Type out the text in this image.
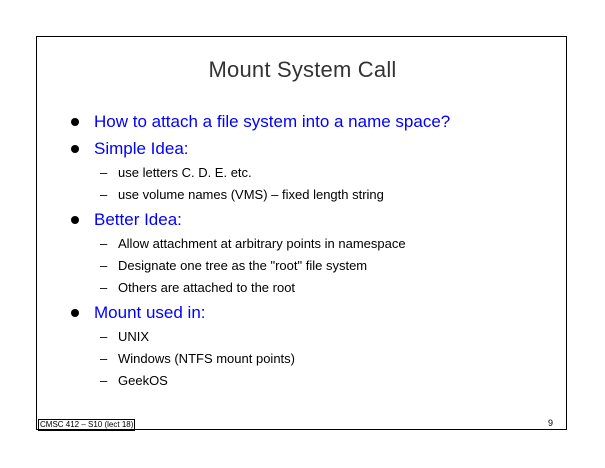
Mount System Call
How to attach a file system into a name space?
Simple Idea:
– use letters C. D. E. etc.
– use volume names (VMS) – fixed length string
Better Idea:
– Allow attachment at arbitrary points in namespace
– Designate one tree as the "root" file system
– Others are attached to the root
Mount used in:
– UNIX
– Windows (NTFS mount points)
– GeekOS
CMSC 412 – S10 (lect 18)	9
